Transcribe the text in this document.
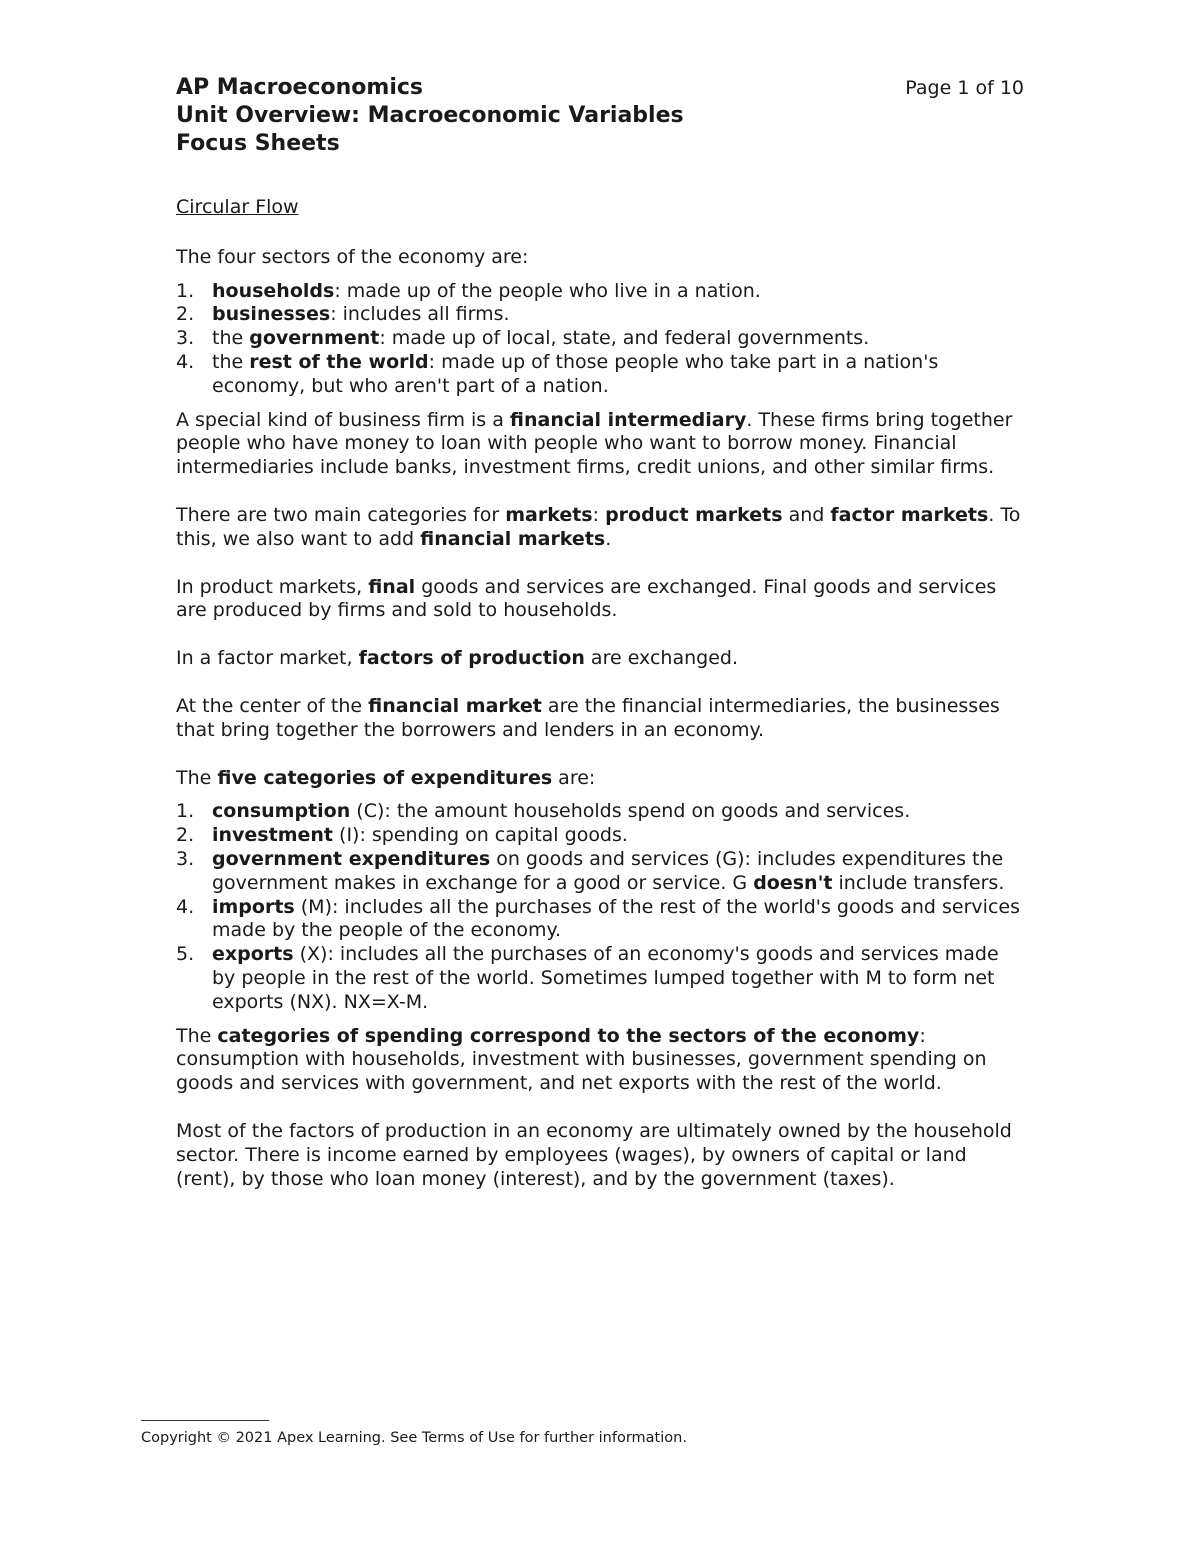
AP Macroeconomics
Unit Overview: Macroeconomic Variables
Focus Sheets
Page 1 of 10
Circular Flow

The four sectors of the economy are:

1. households: made up of the people who live in a nation.
2. businesses: includes all firms.
3. the government: made up of local, state, and federal governments.
4. the rest of the world: made up of those people who take part in a nation's economy, but who aren't part of a nation.

A special kind of business firm is a financial intermediary. These firms bring together people who have money to loan with people who want to borrow money. Financial intermediaries include banks, investment firms, credit unions, and other similar firms.

There are two main categories for markets: product markets and factor markets. To this, we also want to add financial markets.

In product markets, final goods and services are exchanged. Final goods and services are produced by firms and sold to households.

In a factor market, factors of production are exchanged.

At the center of the financial market are the financial intermediaries, the businesses that bring together the borrowers and lenders in an economy.

The five categories of expenditures are:

1. consumption (C): the amount households spend on goods and services.
2. investment (I): spending on capital goods.
3. government expenditures on goods and services (G): includes expenditures the government makes in exchange for a good or service. G doesn't include transfers.
4. imports (M): includes all the purchases of the rest of the world's goods and services made by the people of the economy.
5. exports (X): includes all the purchases of an economy's goods and services made by people in the rest of the world. Sometimes lumped together with M to form net exports (NX). NX=X-M.

The categories of spending correspond to the sectors of the economy: consumption with households, investment with businesses, government spending on goods and services with government, and net exports with the rest of the world.

Most of the factors of production in an economy are ultimately owned by the household sector. There is income earned by employees (wages), by owners of capital or land (rent), by those who loan money (interest), and by the government (taxes).

Copyright © 2021 Apex Learning. See Terms of Use for further information.
